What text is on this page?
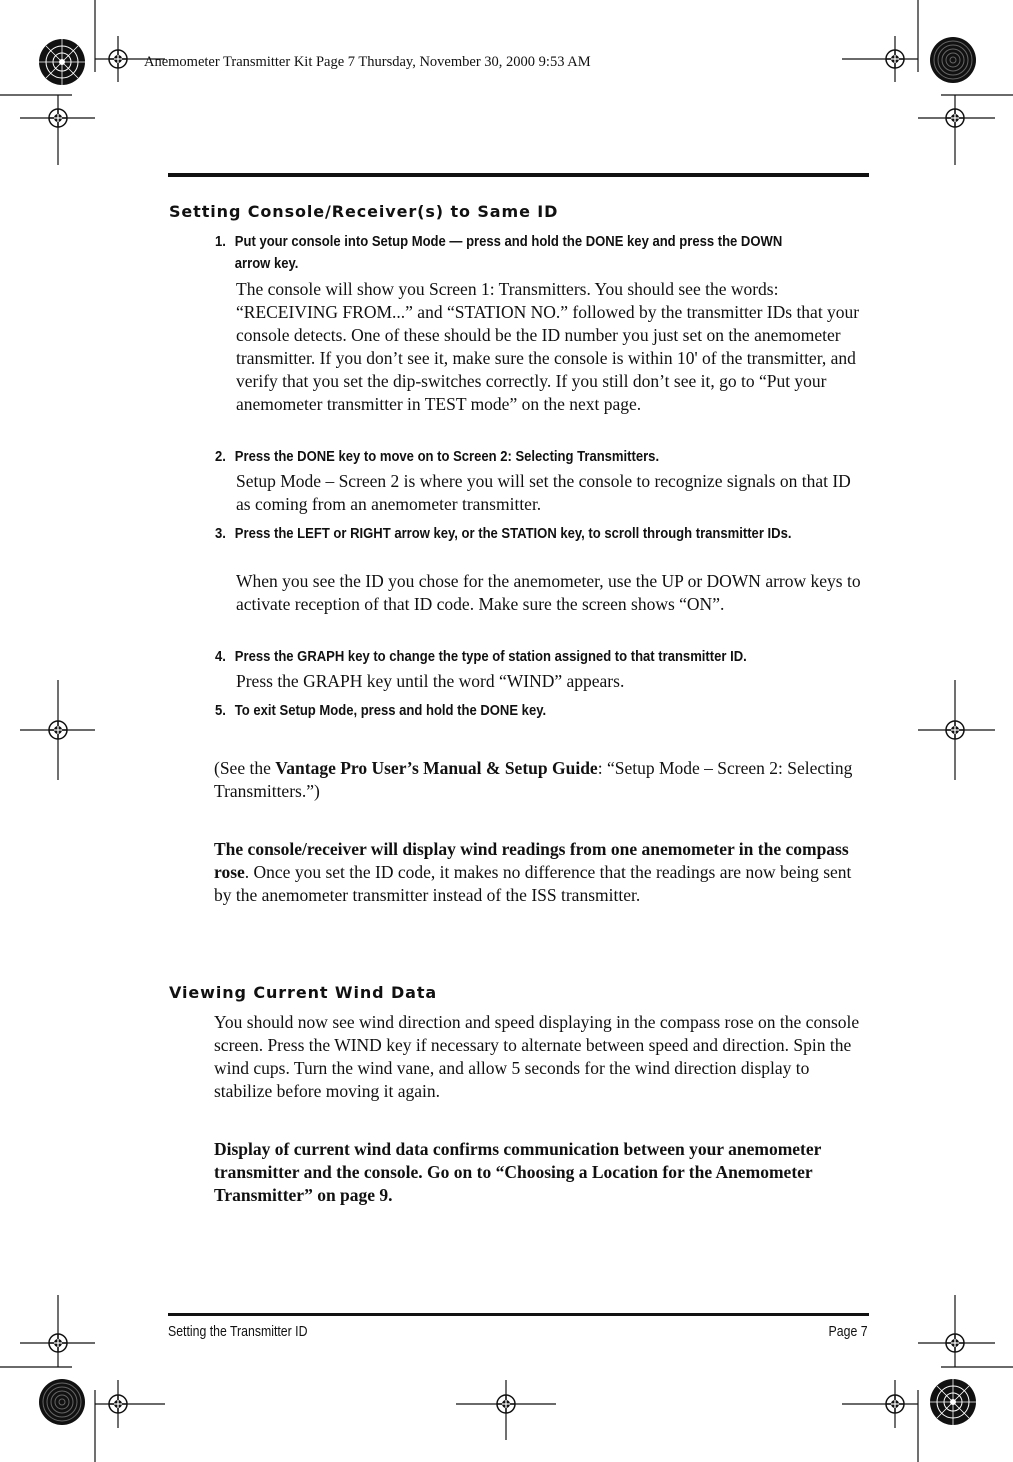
Anemometer Transmitter Kit Page 7 Thursday, November 30, 2000 9:53 AM
Setting Console/Receiver(s) to Same ID
1. Put your console into Setup Mode — press and hold the DONE key and press the DOWN arrow key.
The console will show you Screen 1: Transmitters. You should see the words: “RECEIVING FROM...” and “STATION NO.” followed by the transmitter IDs that your console detects. One of these should be the ID number you just set on the anemometer transmitter. If you don’t see it, make sure the console is within 10' of the transmitter, and verify that you set the dip-switches correctly. If you still don’t see it, go to “Put your anemometer transmitter in TEST mode” on the next page.
2. Press the DONE key to move on to Screen 2: Selecting Transmitters.
Setup Mode – Screen 2 is where you will set the console to recognize signals on that ID as coming from an anemometer transmitter.
3. Press the LEFT or RIGHT arrow key, or the STATION key, to scroll through transmitter IDs.
When you see the ID you chose for the anemometer, use the UP or DOWN arrow keys to activate reception of that ID code. Make sure the screen shows “ON”.
4. Press the GRAPH key to change the type of station assigned to that transmitter ID.
Press the GRAPH key until the word “WIND” appears.
5. To exit Setup Mode, press and hold the DONE key.
(See the Vantage Pro User’s Manual & Setup Guide: “Setup Mode – Screen 2: Selecting Transmitters.”)
The console/receiver will display wind readings from one anemometer in the compass rose. Once you set the ID code, it makes no difference that the readings are now being sent by the anemometer transmitter instead of the ISS transmitter.
Viewing Current Wind Data
You should now see wind direction and speed displaying in the compass rose on the console screen. Press the WIND key if necessary to alternate between speed and direction. Spin the wind cups. Turn the wind vane, and allow 5 seconds for the wind direction display to stabilize before moving it again.
Display of current wind data confirms communication between your anemometer transmitter and the console. Go on to “Choosing a Location for the Anemometer Transmitter” on page 9.
Setting the Transmitter ID	Page 7
